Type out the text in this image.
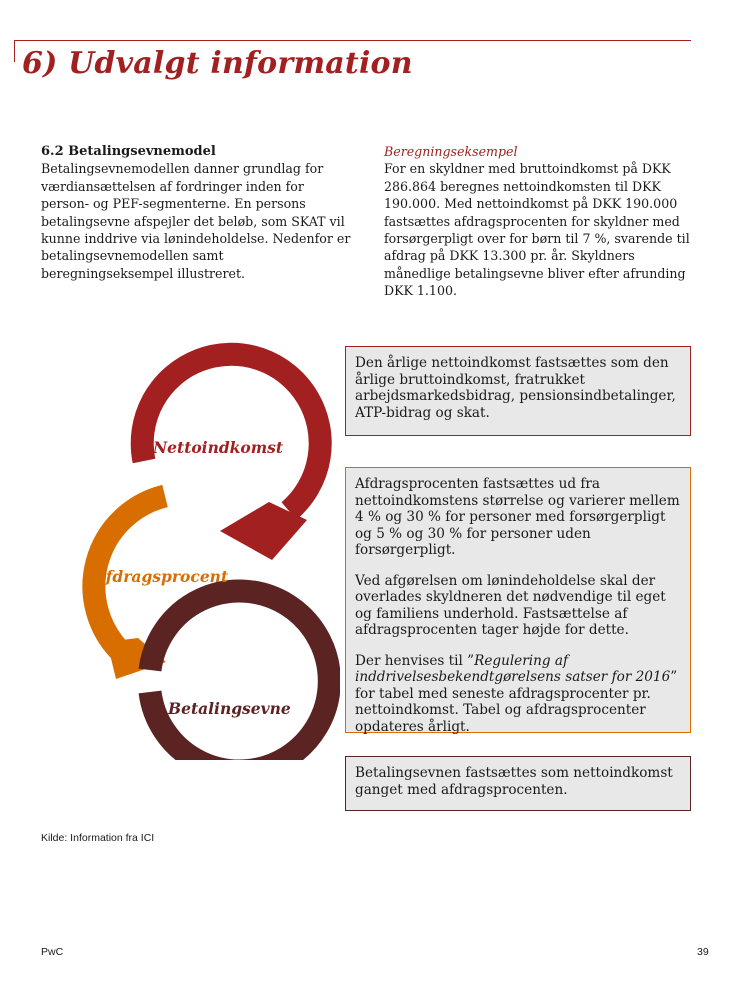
6) Udvalgt information

6.2 Betalingsevnemodel

Betalingsevnemodellen danner grundlag for værdiansættelsen af fordringer inden for person- og PEF-segmenterne. En persons betalingsevne afspejler det beløb, som SKAT vil kunne inddrive via lønindeholdelse. Nedenfor er betalingsevnemodellen samt beregningseksempel illustreret.

Beregningseksempel

For en skyldner med bruttoindkomst på DKK 286.864 beregnes nettoindkomsten til DKK 190.000. Med nettoindkomst på DKK 190.000 fastsættes afdragsprocenten for skyldner med forsørgerpligt over for børn til 7 %, svarende til afdrag på DKK 13.300 pr. år. Skyldners månedlige betalingsevne bliver efter afrunding DKK 1.100.

Nettoindkomst
Afdragsprocent
Betalingsevne

Den årlige nettoindkomst fastsættes som den årlige bruttoindkomst, fratrukket arbejdsmarkedsbidrag, pensionsindbetalinger, ATP-bidrag og skat.

Afdragsprocenten fastsættes ud fra nettoindkomstens størrelse og varierer mellem 4 % og 30 % for personer med forsørgerpligt og 5 % og 30 % for personer uden forsørgerpligt.

Ved afgørelsen om lønindeholdelse skal der overlades skyldneren det nødvendige til eget og familiens underhold. Fastsættelse af afdragsprocenten tager højde for dette.

Der henvises til ”Regulering af inddrivelsesbekendtgørelsens satser for 2016” for tabel med seneste afdragsprocenter pr. nettoindkomst. Tabel og afdragsprocenter opdateres årligt.

Betalingsevnen fastsættes som nettoindkomst ganget med afdragsprocenten.

Kilde: Information fra ICI
PwC	39
